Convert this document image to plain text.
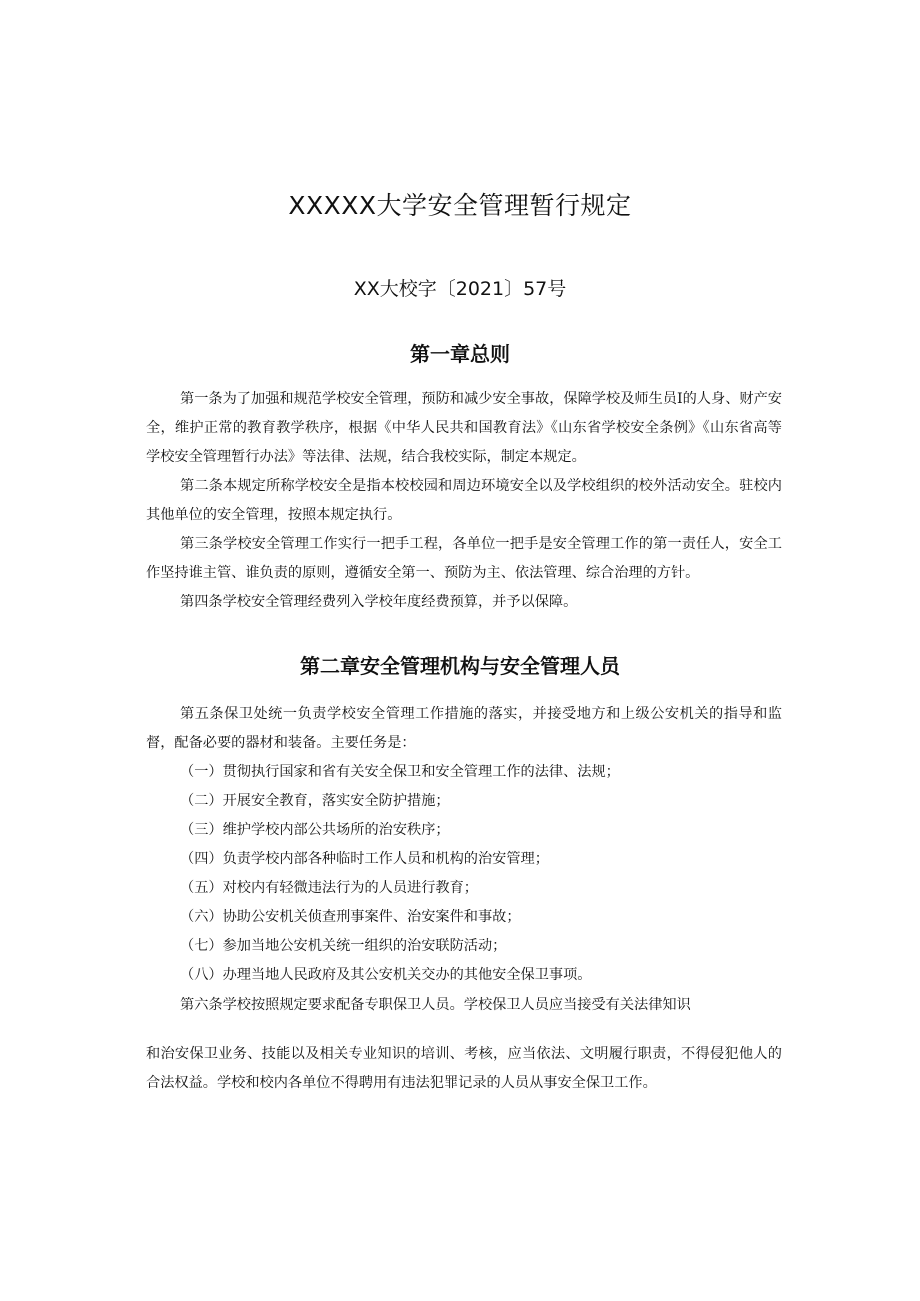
XXXXX大学安全管理暂行规定

XX大校字〔2021〕57号

第一章总则

第一条为了加强和规范学校安全管理，预防和减少安全事故，保障学校及师生员Ⅰ的人身、财产安全，维护正常的教育教学秩序，根据《中华人民共和国教育法》《山东省学校安全条例》《山东省高等学校安全管理暂行办法》等法律、法规，结合我校实际，制定本规定。

第二条本规定所称学校安全是指本校校园和周边环境安全以及学校组织的校外活动安全。驻校内其他单位的安全管理，按照本规定执行。

第三条学校安全管理工作实行一把手工程，各单位一把手是安全管理工作的第一责任人，安全工作坚持谁主管、谁负责的原则，遵循安全第一、预防为主、依法管理、综合治理的方针。

第四条学校安全管理经费列入学校年度经费预算，并予以保障。

第二章安全管理机构与安全管理人员

第五条保卫处统一负责学校安全管理工作措施的落实，并接受地方和上级公安机关的指导和监督，配备必要的器材和装备。主要任务是：

（一）贯彻执行国家和省有关安全保卫和安全管理工作的法律、法规；

（二）开展安全教育，落实安全防护措施；

（三）维护学校内部公共场所的治安秩序；

（四）负责学校内部各种临时工作人员和机构的治安管理；

（五）对校内有轻微违法行为的人员进行教育；

（六）协助公安机关侦查刑事案件、治安案件和事故；

（七）参加当地公安机关统一组织的治安联防活动；

（八）办理当地人民政府及其公安机关交办的其他安全保卫事项。

第六条学校按照规定要求配备专职保卫人员。学校保卫人员应当接受有关法律知识

和治安保卫业务、技能以及相关专业知识的培训、考核，应当依法、文明履行职责，不得侵犯他人的合法权益。学校和校内各单位不得聘用有违法犯罪记录的人员从事安全保卫工作。
